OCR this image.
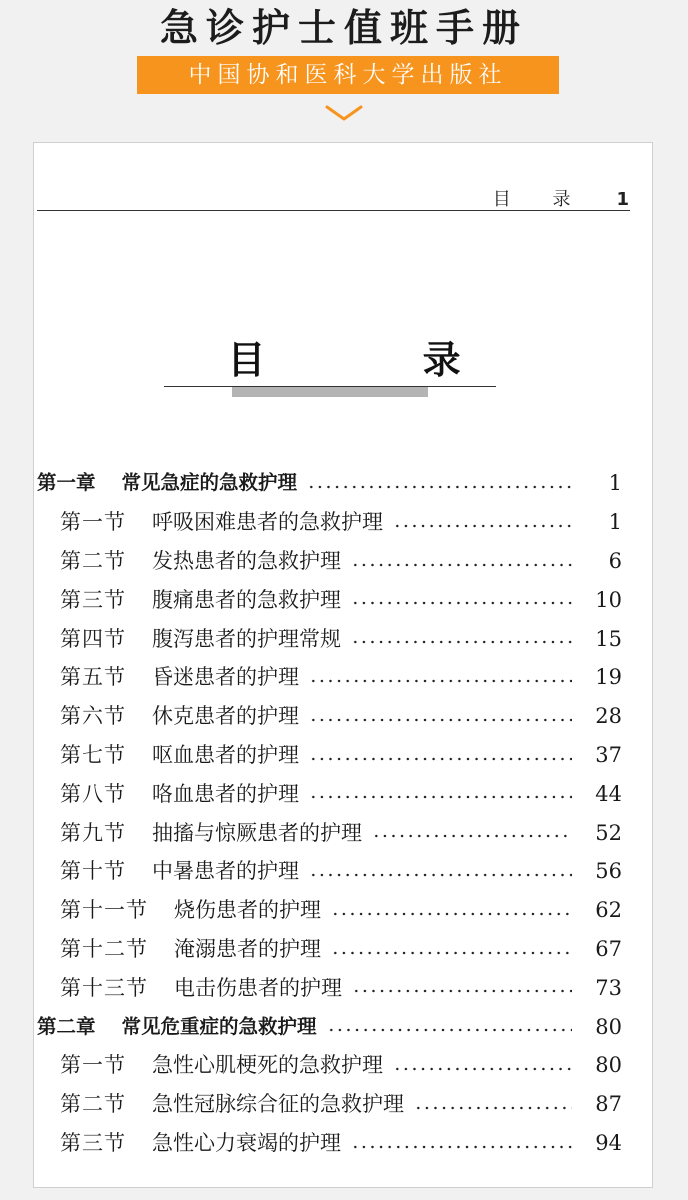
急诊护士值班手册
中国协和医科大学出版社
目 录 1
目 录
第一章 常见急症的急救护理	1
第一节 呼吸困难患者的急救护理	1
第二节 发热患者的急救护理	6
第三节 腹痛患者的急救护理	10
第四节 腹泻患者的护理常规	15
第五节 昏迷患者的护理	19
第六节 休克患者的护理	28
第七节 呕血患者的护理	37
第八节 咯血患者的护理	44
第九节 抽搐与惊厥患者的护理	52
第十节 中暑患者的护理	56
第十一节 烧伤患者的护理	62
第十二节 淹溺患者的护理	67
第十三节 电击伤患者的护理	73
第二章 常见危重症的急救护理	80
第一节 急性心肌梗死的急救护理	80
第二节 急性冠脉综合征的急救护理	87
第三节 急性心力衰竭的护理	94
